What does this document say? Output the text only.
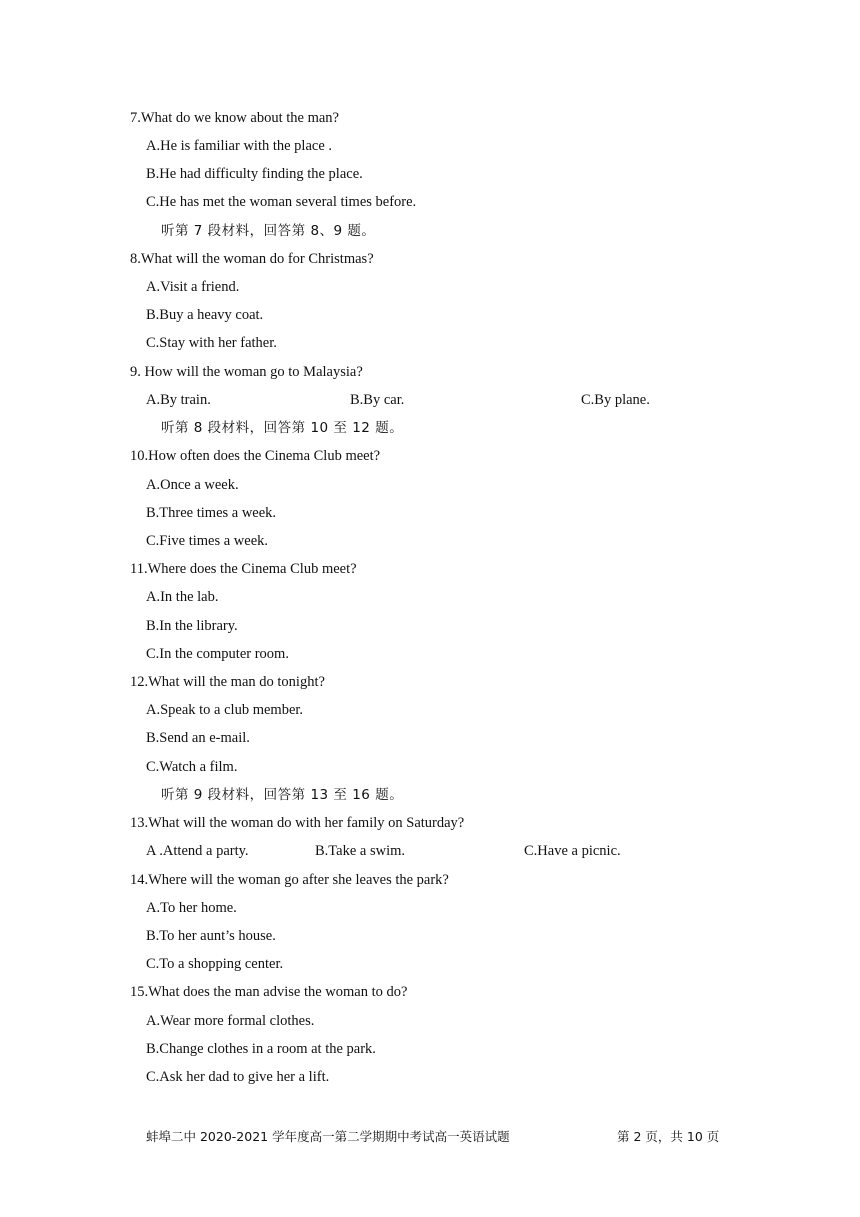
7.What do we know about the man?
A.He is familiar with the place .
B.He had difficulty finding the place.
C.He has met the woman several times before.
听第 7 段材料，回答第 8、9 题。
8.What will the woman do for Christmas?
A.Visit a friend.
B.Buy a heavy coat.
C.Stay with her father.
9. How will the woman go to Malaysia?
A.By train.	B.By car.	C.By plane.
听第 8 段材料，回答第 10 至 12 题。
10.How often does the Cinema Club meet?
A.Once a week.
B.Three times a week.
C.Five times a week.
11.Where does the Cinema Club meet?
A.In the lab.
B.In the library.
C.In the computer room.
12.What will the man do tonight?
A.Speak to a club member.
B.Send an e-mail.
C.Watch a film.
听第 9 段材料，回答第 13 至 16 题。
13.What will the woman do with her family on Saturday?
A .Attend a party.	B.Take a swim.	C.Have a picnic.
14.Where will the woman go after she leaves the park?
A.To her home.
B.To her aunt’s house.
C.To a shopping center.
15.What does the man advise the woman to do?
A.Wear more formal clothes.
B.Change clothes in a room at the park.
C.Ask her dad to give her a lift.
蚌埠二中 2020-2021 学年度高一第二学期期中考试高一英语试题	第 2 页，共 10 页
